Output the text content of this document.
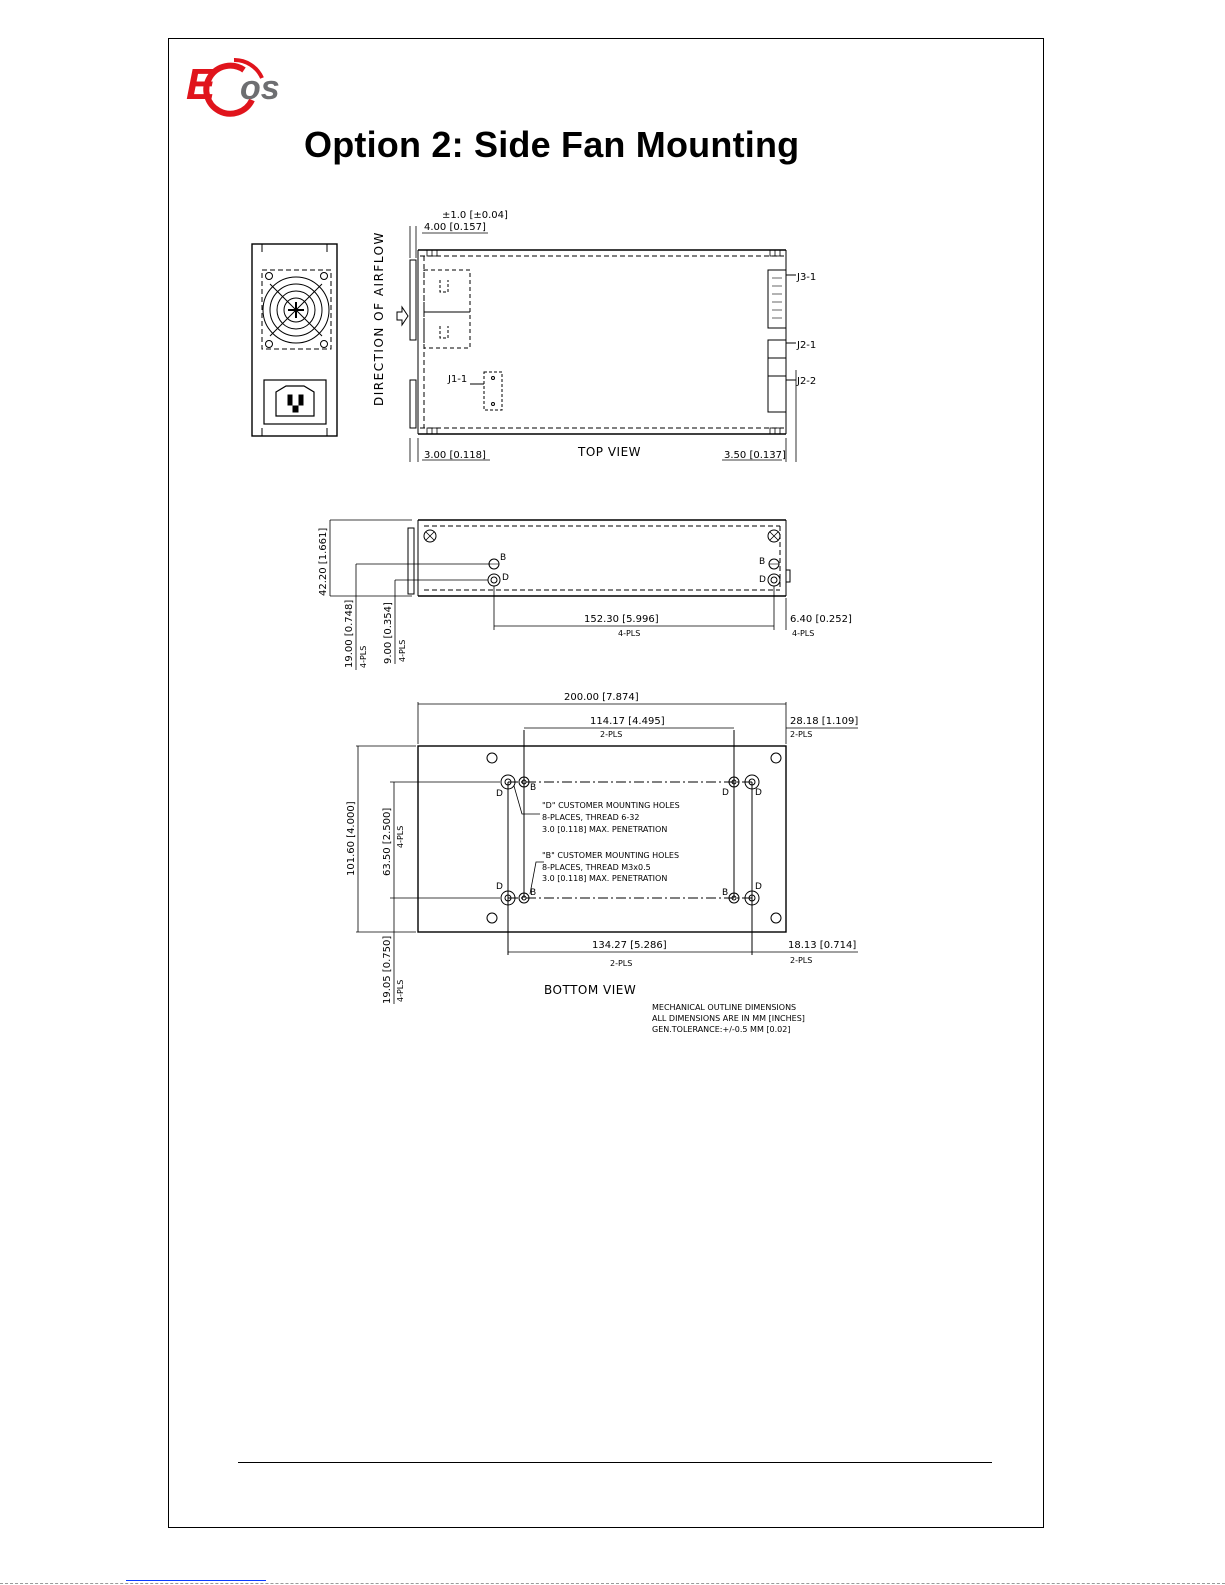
E os
Option 2: Side Fan Mounting
DIRECTION OF AIRFLOW	J3-1
J2-1
J2-2
J1-1
±1.0 [±0.04]
4.00 [0.157]
3.00 [0.118]	TOP VIEW	3.50 [0.137]
B
D
B
D
42.20 [1.661]
19.00 [0.748] 4-PLS 9.00 [0.354] 4-PLS
152.30 [5.996]
4-PLS
6.40 [0.252]
4-PLS
D
B	D	D
D
B	B
D
200.00 [7.874]
114.17 [4.495]
2-PLS
28.18 [1.109]
2-PLS
101.60 [4.000]	63.50 [2.500] 4-PLS
19.05 [0.750] 4-PLS
134.27 [5.286]
2-PLS
18.13 [0.714]
2-PLS
"D" CUSTOMER MOUNTING HOLES
8-PLACES, THREAD 6-32
3.0 [0.118] MAX. PENETRATION
"B" CUSTOMER MOUNTING HOLES
8-PLACES, THREAD M3x0.5
3.0 [0.118] MAX. PENETRATION
BOTTOM VIEW
MECHANICAL OUTLINE DIMENSIONS
ALL DIMENSIONS ARE IN MM [INCHES]
GEN.TOLERANCE:+/-0.5 MM [0.02]
